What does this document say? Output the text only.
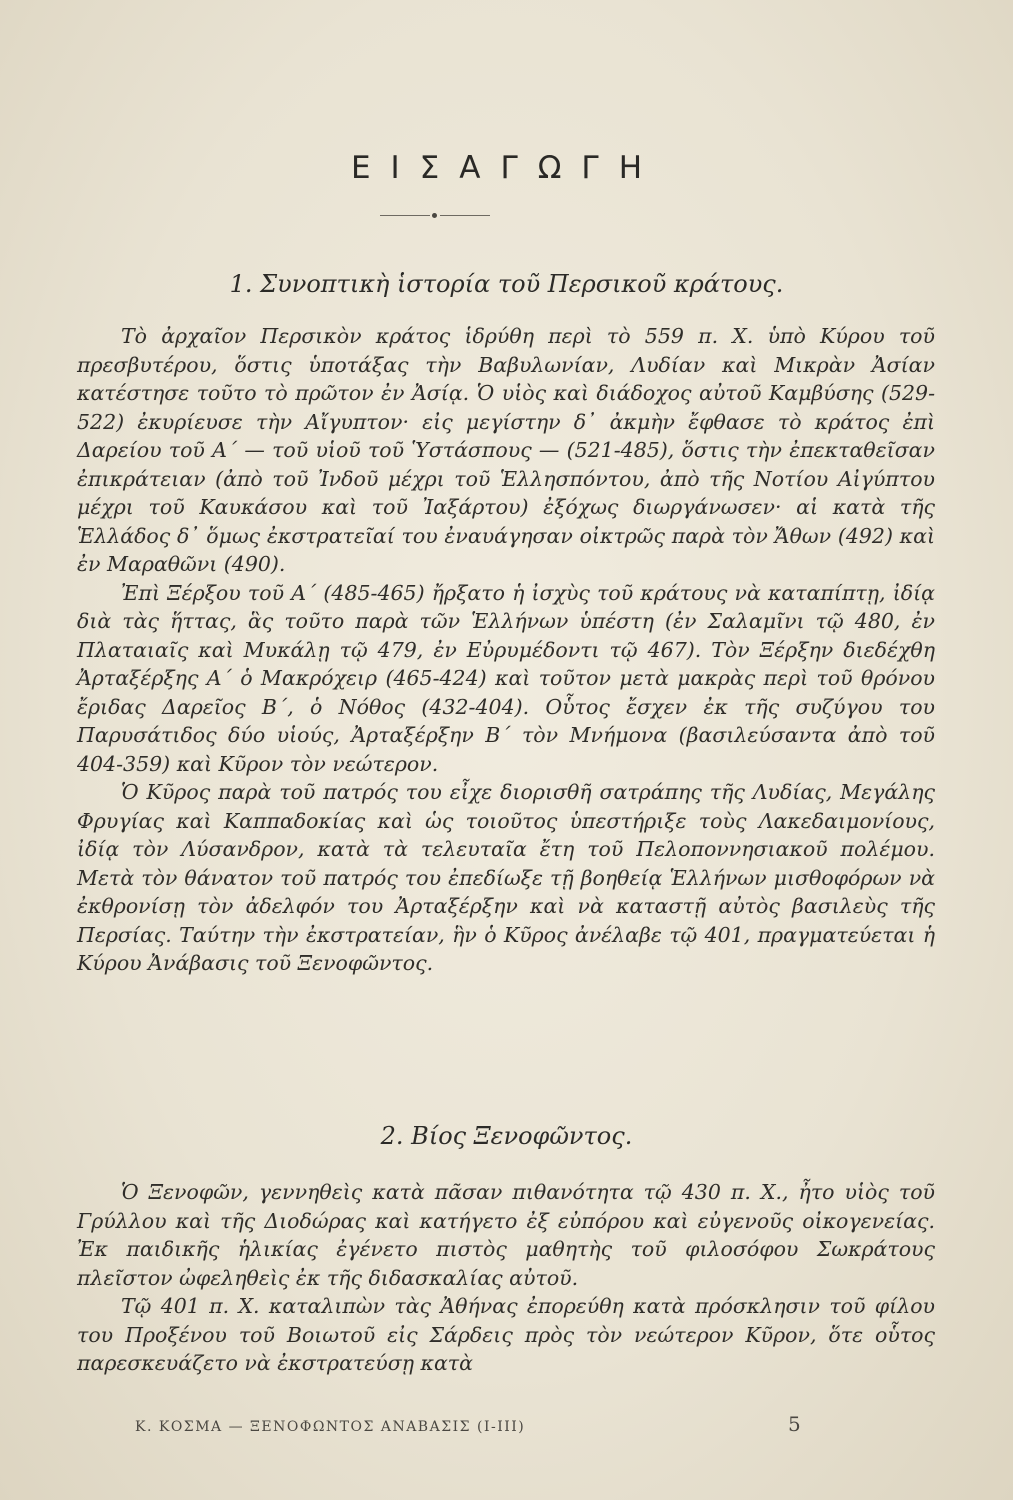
ΕΙΣΑΓΩΓΗ
1. Συνοπτικὴ ἱστορία τοῦ Περσικοῦ κράτους.

Τὸ ἀρχαῖον Περσικὸν κράτος ἱδρύθη περὶ τὸ 559 π. Χ. ὑπὸ Κύρου τοῦ πρεσβυτέρου, ὅστις ὑποτάξας τὴν Βαβυλωνίαν, Λυδίαν καὶ Μικρὰν Ἀσίαν κατέστησε τοῦτο τὸ πρῶτον ἐν Ἀσίᾳ. Ὁ υἱὸς καὶ διάδοχος αὐτοῦ Καμβύσης (529-522) ἐκυρίευσε τὴν Αἴγυπτον· εἰς μεγίστην δ᾽ ἀκμὴν ἔφθασε τὸ κράτος ἐπὶ Δαρείου τοῦ Α΄ — τοῦ υἱοῦ τοῦ Ὑστάσπους — (521-485), ὅστις τὴν ἐπεκταθεῖσαν ἐπικράτειαν (ἀπὸ τοῦ Ἰνδοῦ μέχρι τοῦ Ἑλλησπόντου, ἀπὸ τῆς Νοτίου Αἰγύπτου μέχρι τοῦ Καυκάσου καὶ τοῦ Ἰαξάρτου) ἐξόχως διωργάνωσεν· αἱ κατὰ τῆς Ἑλλάδος δ᾽ ὅμως ἐκστρατεῖαί του ἐναυάγησαν οἰκτρῶς παρὰ τὸν Ἄθων (492) καὶ ἐν Μαραθῶνι (490).

Ἐπὶ Ξέρξου τοῦ Α΄ (485-465) ἤρξατο ἡ ἰσχὺς τοῦ κράτους νὰ καταπίπτῃ, ἰδίᾳ διὰ τὰς ἥττας, ἃς τοῦτο παρὰ τῶν Ἑλλήνων ὑπέστη (ἐν Σαλαμῖνι τῷ 480, ἐν Πλαταιαῖς καὶ Μυκάλῃ τῷ 479, ἐν Εὐρυμέδοντι τῷ 467). Τὸν Ξέρξην διεδέχθη Ἀρταξέρξης Α΄ ὁ Μακρόχειρ (465-424) καὶ τοῦτον μετὰ μακρὰς περὶ τοῦ θρόνου ἔριδας Δαρεῖος Β΄, ὁ Νόθος (432-404). Οὗτος ἔσχεν ἐκ τῆς συζύγου του Παρυσάτιδος δύο υἱούς, Ἀρταξέρξην Β΄ τὸν Μνήμονα (βασιλεύσαντα ἀπὸ τοῦ 404-359) καὶ Κῦρον τὸν νεώτερον.

Ὁ Κῦρος παρὰ τοῦ πατρός του εἶχε διορισθῆ σατράπης τῆς Λυδίας, Μεγάλης Φρυγίας καὶ Καππαδοκίας καὶ ὡς τοιοῦτος ὑπεστήριξε τοὺς Λακεδαιμονίους, ἰδίᾳ τὸν Λύσανδρον, κατὰ τὰ τελευταῖα ἔτη τοῦ Πελοποννησιακοῦ πολέμου. Μετὰ τὸν θάνατον τοῦ πατρός του ἐπεδίωξε τῇ βοηθείᾳ Ἑλλήνων μισθοφόρων νὰ ἐκθρονίσῃ τὸν ἀδελφόν του Ἀρταξέρξην καὶ νὰ καταστῇ αὐτὸς βασιλεὺς τῆς Περσίας. Ταύτην τὴν ἐκστρατείαν, ἣν ὁ Κῦρος ἀνέλαβε τῷ 401, πραγματεύεται ἡ Κύρου Ἀνάβασις τοῦ Ξενοφῶντος.

2. Βίος Ξενοφῶντος.

Ὁ Ξενοφῶν, γεννηθεὶς κατὰ πᾶσαν πιθανότητα τῷ 430 π. Χ., ἦτο υἱὸς τοῦ Γρύλλου καὶ τῆς Διοδώρας καὶ κατήγετο ἐξ εὐπόρου καὶ εὐγενοῦς οἰκογενείας. Ἐκ παιδικῆς ἡλικίας ἐγένετο πιστὸς μαθητὴς τοῦ φιλοσόφου Σωκράτους πλεῖστον ὠφεληθεὶς ἐκ τῆς διδασκαλίας αὐτοῦ.

Τῷ 401 π. Χ. καταλιπὼν τὰς Ἀθήνας ἐπορεύθη κατὰ πρόσκλησιν τοῦ φίλου του Προξένου τοῦ Βοιωτοῦ εἰς Σάρδεις πρὸς τὸν νεώτερον Κῦρον, ὅτε οὗτος παρεσκευάζετο νὰ ἐκστρατεύσῃ κατὰ

Κ. ΚΟΣΜΑ — ΞΕΝΟΦΩΝΤΟΣ ΑΝΑΒΑΣΙΣ (I-III)	5
